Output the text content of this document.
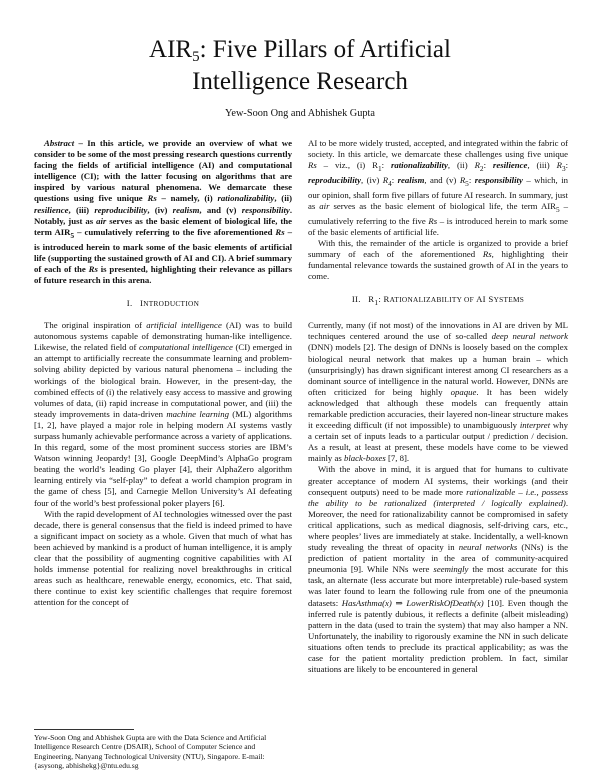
$AIR_5$: Five Pillars of Artificial
Intelligence Research
Yew-Soon Ong and Abhishek Gupta

Abstract – In this article, we provide an overview of what we consider to be some of the most pressing research questions currently facing the fields of artificial intelligence (AI) and computational intelligence (CI); with the latter focusing on algorithms that are inspired by various natural phenomena. We demarcate these questions using five unique Rs – namely, (i) rationalizability, (ii) resilience, (iii) reproducibility, (iv) realism, and (v) responsibility. Notably, just as air serves as the basic element of biological life, the term $AIR_5$ – cumulatively referring to the five aforementioned Rs – is introduced herein to mark some of the basic elements of artificial life (supporting the sustained growth of AI and CI). A brief summary of each of the Rs is presented, highlighting their relevance as pillars of future research in this arena.

I. INTRODUCTION

The original inspiration of artificial intelligence (AI) was to build autonomous systems capable of demonstrating human-like intelligence. Likewise, the related field of computational intelligence (CI) emerged in an attempt to artificially recreate the consummate learning and problem-solving ability depicted by various natural phenomena – including the workings of the biological brain. However, in the present-day, the combined effects of (i) the relatively easy access to massive and growing volumes of data, (ii) rapid increase in computational power, and (iii) the steady improvements in data-driven machine learning (ML) algorithms [1, 2], have played a major role in helping modern AI systems vastly surpass humanly achievable performance across a variety of applications. In this regard, some of the most prominent success stories are IBM’s Watson winning Jeopardy! [3], Google DeepMind’s AlphaGo program beating the world’s leading Go player [4], their AlphaZero algorithm learning entirely via “self-play” to defeat a world champion program in the game of chess [5], and Carnegie Mellon University’s AI defeating four of the world’s best professional poker players [6].

With the rapid development of AI technologies witnessed over the past decade, there is general consensus that the field is indeed primed to have a significant impact on society as a whole. Given that much of what has been achieved by mankind is a product of human intelligence, it is amply clear that the possibility of augmenting cognitive capabilities with AI holds immense potential for realizing novel breakthroughs in critical areas such as healthcare, renewable energy, economics, etc. That said, there continue to exist key scientific challenges that require foremost attention for the concept of

Yew-Soon Ong and Abhishek Gupta are with the Data Science and Artificial Intelligence Research Centre (DSAIR), School of Computer Science and Engineering, Nanyang Technological University (NTU), Singapore. E-mail: {asysong, abhishekg}@ntu.edu.sg

AI to be more widely trusted, accepted, and integrated within the fabric of society. In this article, we demarcate these challenges using five unique Rs – viz., (i) $R_1$: rationalizability, (ii) $R_2$: resilience, (iii) $R_3$: reproducibility, (iv) $R_4$: realism, and (v) $R_5$: responsibility – which, in our opinion, shall form five pillars of future AI research. In summary, just as air serves as the basic element of biological life, the term $AIR_5$ – cumulatively referring to the five Rs – is introduced herein to mark some of the basic elements of artificial life.

With this, the remainder of the article is organized to provide a brief summary of each of the aforementioned Rs, highlighting their fundamental relevance towards the sustained growth of AI in the years to come.

II. $R_1$: RATIONALIZABILITY OF AI SYSTEMS

Currently, many (if not most) of the innovations in AI are driven by ML techniques centered around the use of so-called deep neural network (DNN) models [2]. The design of DNNs is loosely based on the complex biological neural network that makes up a human brain – which (unsurprisingly) has drawn significant interest among CI researchers as a dominant source of intelligence in the natural world. However, DNNs are often criticized for being highly opaque. It has been widely acknowledged that although these models can frequently attain remarkable prediction accuracies, their layered non-linear structure makes it exceeding difficult (if not impossible) to unambiguously interpret why a certain set of inputs leads to a particular output / prediction / decision. As a result, at least at present, these models have come to be viewed mainly as black-boxes [7, 8].

With the above in mind, it is argued that for humans to cultivate greater acceptance of modern AI systems, their workings (and their consequent outputs) need to be made more rationalizable – i.e., possess the ability to be rationalized (interpreted / logically explained). Moreover, the need for rationalizability cannot be compromised in safety critical applications, such as medical diagnosis, self-driving cars, etc., where peoples’ lives are immediately at stake. Incidentally, a well-known study revealing the threat of opacity in neural networks (NNs) is the prediction of patient mortality in the area of community-acquired pneumonia [9]. While NNs were seemingly the most accurate for this task, an alternate (less accurate but more interpretable) rule-based system was later found to learn the following rule from one of the pneumonia datasets: HasAsthma(x) ⇒ LowerRiskOfDeath(x) [10]. Even though the inferred rule is patently dubious, it reflects a definite (albeit misleading) pattern in the data (used to train the system) that may also hamper a NN. Unfortunately, the inability to rigorously examine the NN in such delicate situations often tends to preclude its practical applicability; as was the case for the patient mortality prediction problem. In fact, similar situations are likely to be encountered in general
